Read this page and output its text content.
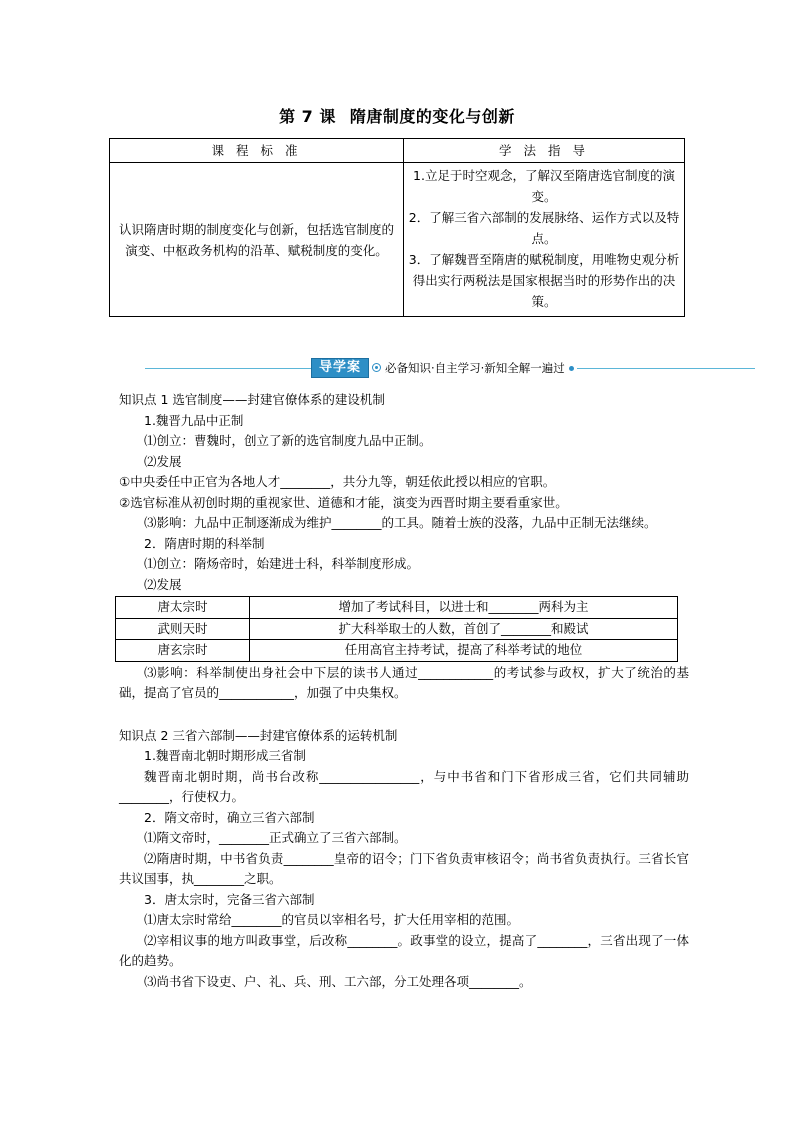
第 7 课 隋唐制度的变化与创新
课 程 标 准	学 法 指 导
认识隋唐时期的制度变化与创新，包括选官制度的演变、中枢政务机构的沿革、赋税制度的变化。	1.立足于时空观念，了解汉至隋唐选官制度的演变。

2．了解三省六部制的发展脉络、运作方式以及特点。

3．了解魏晋至隋唐的赋税制度，用唯物史观分析得出实行两税法是国家根据当时的形势作出的决策。

导学案	必备知识·自主学习·新知全解一遍过

知识点 1 选官制度——封建官僚体系的建设机制

1.魏晋九品中正制

⑴创立：曹魏时，创立了新的选官制度九品中正制。

⑵发展

①中央委任中正官为各地人才________，共分九等，朝廷依此授以相应的官职。

②选官标准从初创时期的重视家世、道德和才能，演变为西晋时期主要看重家世。

⑶影响：九品中正制逐渐成为维护________的工具。随着士族的没落，九品中正制无法继续。

2．隋唐时期的科举制

⑴创立：隋炀帝时，始建进士科，科举制度形成。

⑵发展

唐太宗时	增加了考试科目，以进士和________两科为主
武则天时	扩大科举取士的人数，首创了________和殿试
唐玄宗时	任用高官主持考试，提高了科举考试的地位

⑶影响：科举制使出身社会中下层的读书人通过____________的考试参与政权，扩大了统治的基础，提高了官员的____________，加强了中央集权。

知识点 2 三省六部制——封建官僚体系的运转机制

1.魏晋南北朝时期形成三省制

魏晋南北朝时期，尚书台改称________________，与中书省和门下省形成三省，它们共同辅助________，行使权力。

2．隋文帝时，确立三省六部制

⑴隋文帝时，________正式确立了三省六部制。

⑵隋唐时期，中书省负责________皇帝的诏令；门下省负责审核诏令；尚书省负责执行。三省长官共议国事，执________之职。

3．唐太宗时，完备三省六部制

⑴唐太宗时常给________的官员以宰相名号，扩大任用宰相的范围。

⑵宰相议事的地方叫政事堂，后改称________。政事堂的设立，提高了________，三省出现了一体化的趋势。

⑶尚书省下设吏、户、礼、兵、刑、工六部，分工处理各项________。
